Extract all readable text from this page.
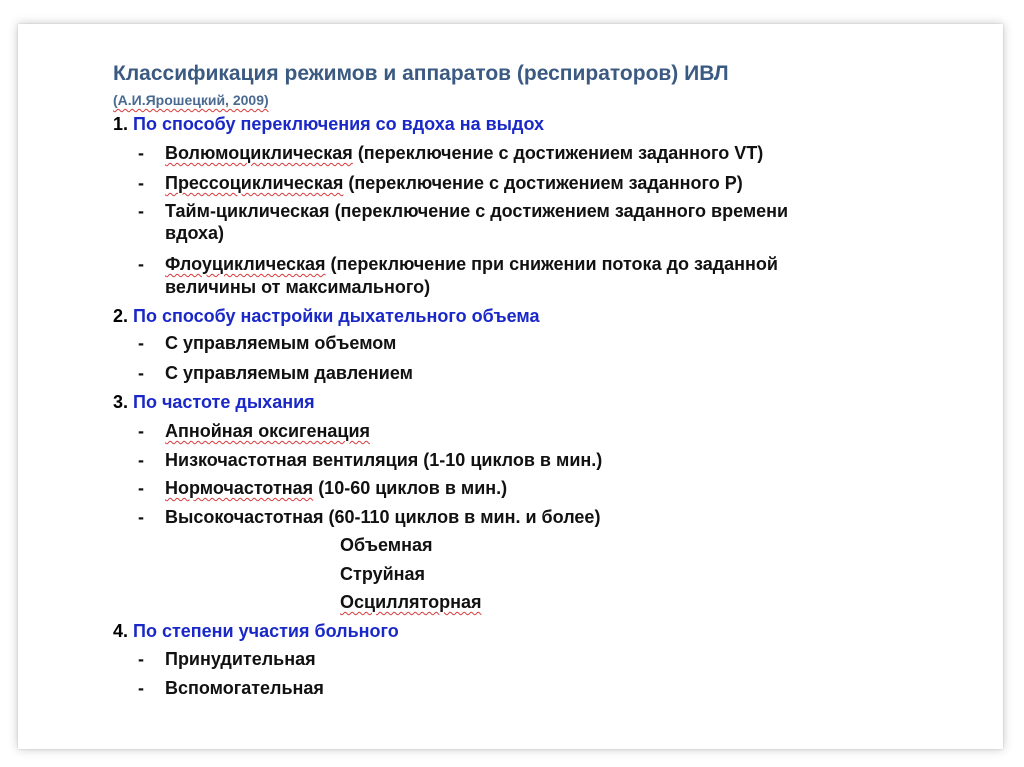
Классификация режимов и аппаратов (респираторов) ИВЛ
(А.И.Ярошецкий, 2009)
1. По способу переключения со вдоха на выдох
- Волюмоциклическая (переключение с достижением заданного VT)
- Прессоциклическая (переключение с достижением заданного Р)
- Тайм-циклическая (переключение с достижением заданного времени
вдоха)
- Флоуциклическая (переключение при снижении потока до заданной
величины от максимального)
2. По способу настройки дыхательного объема
- С управляемым объемом
- С управляемым давлением
3. По частоте дыхания
- Апнойная оксигенация
- Низкочастотная вентиляция (1-10 циклов в мин.)
- Нормочастотная (10-60 циклов в мин.)
- Высокочастотная (60-110 циклов в мин. и более)
Объемная
Струйная
Осцилляторная
4. По степени участия больного
- Принудительная
- Вспомогательная
